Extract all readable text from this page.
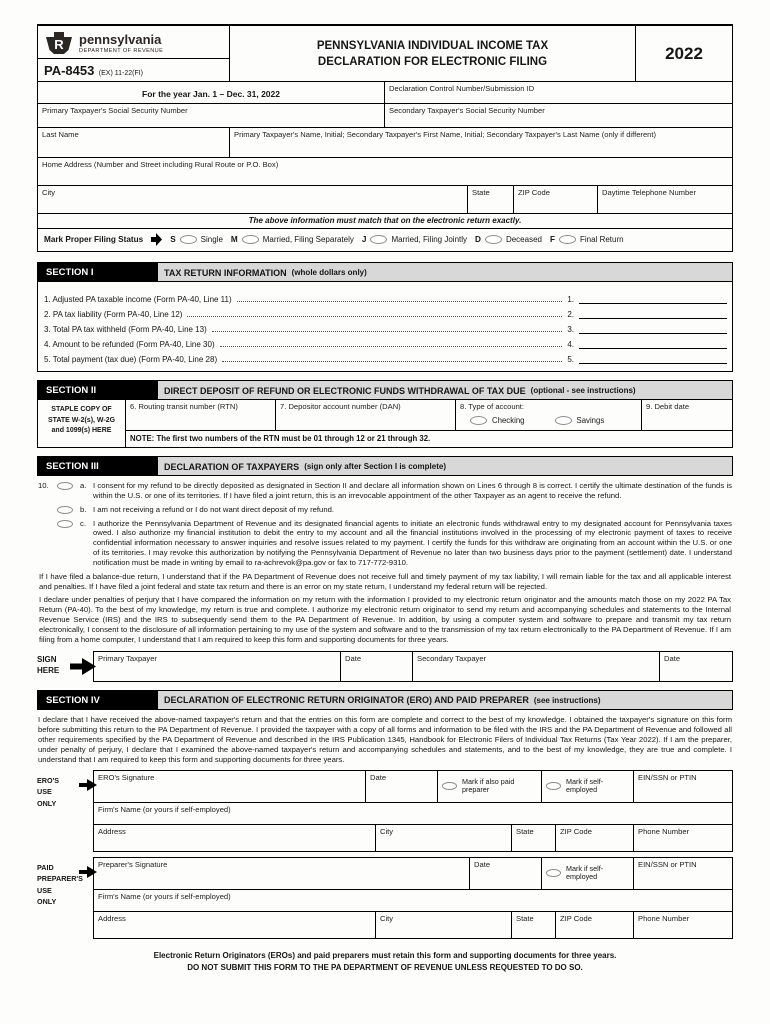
R pennsylvania
DEPARTMENT OF REVENUE
PA-8453 (EX) 11-22(FI)
PENNSYLVANIA INDIVIDUAL INCOME TAX
DECLARATION FOR ELECTRONIC FILING	2022
For the year Jan. 1 – Dec. 31, 2022	Declaration Control Number/Submission ID
Primary Taxpayer's Social Security Number	Secondary Taxpayer's Social Security Number
Last Name	Primary Taxpayer's Name, Initial; Secondary Taxpayer's First Name, Initial; Secondary Taxpayer's Last Name (only if different)
Home Address (Number and Street including Rural Route or P.O. Box)
City	State	ZIP Code	Daytime Telephone Number
The above information must match that on the electronic return exactly.
Mark Proper Filing Status	S	Single M	Married, Filing Separately J	Married, Filing Jointly D	Deceased F	Final Return
SECTION I	TAX RETURN INFORMATION (whole dollars only)
1. Adjusted PA taxable income (Form PA-40, Line 11)	1.
2. PA tax liability (Form PA-40, Line 12)	2.
3. Total PA tax withheld (Form PA-40, Line 13)	3.
4. Amount to be refunded (Form PA-40, Line 30)	4.
5. Total payment (tax due) (Form PA-40, Line 28)	5.
SECTION II	DIRECT DEPOSIT OF REFUND OR ELECTRONIC FUNDS WITHDRAWAL OF TAX DUE (optional - see instructions)
STAPLE COPY OF
STATE W-2(s), W-2G
and 1099(s) HERE
6. Routing transit number (RTN)	7. Depositor account number (DAN)	8. Type of account:
Checking	Savings
9. Debit date
NOTE: The first two numbers of the RTN must be 01 through 12 or 21 through 32.
SECTION III	DECLARATION OF TAXPAYERS (sign only after Section I is complete)
10.	a. I consent for my refund to be directly deposited as designated in Section II and declare all information shown on Lines 6 through 8 is correct. I certify the ultimate destination of the funds is within the U.S. or one of its territories. If I have filed a joint return, this is an irrevocable appointment of the other Taxpayer as an agent to receive the refund.

b. I am not receiving a refund or I do not want direct deposit of my refund.

c. I authorize the Pennsylvania Department of Revenue and its designated financial agents to initiate an electronic funds withdrawal entry to my designated account for Pennsylvania taxes owed. I also authorize my financial institution to debit the entry to my account and all the financial institutions involved in the processing of my electronic payment of taxes to receive confidential information necessary to answer inquiries and resolve issues related to my payment. I certify the funds for this withdraw are originating from an account within the U.S. or one of its territories. I may revoke this authorization by notifying the Pennsylvania Department of Revenue no later than two business days prior to the payment (settlement) date. I understand notification must be made in writing by email to ra-achrevok@pa.gov or fax to 717-772-9310.

If I have filed a balance-due return, I understand that if the PA Department of Revenue does not receive full and timely payment of my tax liability, I will remain liable for the tax and all applicable interest and penalties. If I have filed a joint federal and state tax return and there is an error on my state return, I understand my federal return will be rejected.

I declare under penalties of perjury that I have compared the information on my return with the information I provided to my electronic return originator and the amounts match those on my 2022 PA Tax Return (PA-40). To the best of my knowledge, my return is true and complete. I authorize my electronic return originator to send my return and accompanying schedules and statements to the Internal Revenue Service (IRS) and the IRS to subsequently send them to the PA Department of Revenue. In addition, by using a computer system and software to prepare and transmit my tax return electronically, I consent to the disclosure of all information pertaining to my use of the system and software and to the transmission of my tax return electronically to the PA Department of Revenue. If I am filing from a home computer, I understand that I am required to keep this form and supporting documents for three years.

SIGN
HERE
Primary Taxpayer	Date	Secondary Taxpayer	Date
SECTION IV	DECLARATION OF ELECTRONIC RETURN ORIGINATOR (ERO) AND PAID PREPARER (see instructions)

I declare that I have received the above-named taxpayer's return and that the entries on this form are complete and correct to the best of my knowledge. I obtained the taxpayer's signature on this form before submitting this return to the PA Department of Revenue. I provided the taxpayer with a copy of all forms and information to be filed with the IRS and the PA Department of Revenue and followed all other requirements specified by the PA Department of Revenue and described in the IRS Publication 1345, Handbook for Electronic Filers of Individual Tax Returns (Tax Year 2022). If I am the preparer, under penalty of perjury, I declare that I examined the above-named taxpayer's return and accompanying schedules and statements, and to the best of my knowledge, they are true and complete. I understand that I am required to keep this form and supporting documents for three years.

ERO'S
USE
ONLY
ERO's Signature	Date	Mark if also paid preparer
Mark if self-employed
EIN/SSN or PTIN
Firm's Name (or yours if self-employed)
Address	City	State	ZIP Code	Phone Number
PAID
PREPARER'S
USE
ONLY
Preparer's Signature	Date	Mark if self-employed
EIN/SSN or PTIN
Firm's Name (or yours if self-employed)
Address	City	State	ZIP Code	Phone Number
Electronic Return Originators (EROs) and paid preparers must retain this form and supporting documents for three years.
DO NOT SUBMIT THIS FORM TO THE PA DEPARTMENT OF REVENUE UNLESS REQUESTED TO DO SO.
